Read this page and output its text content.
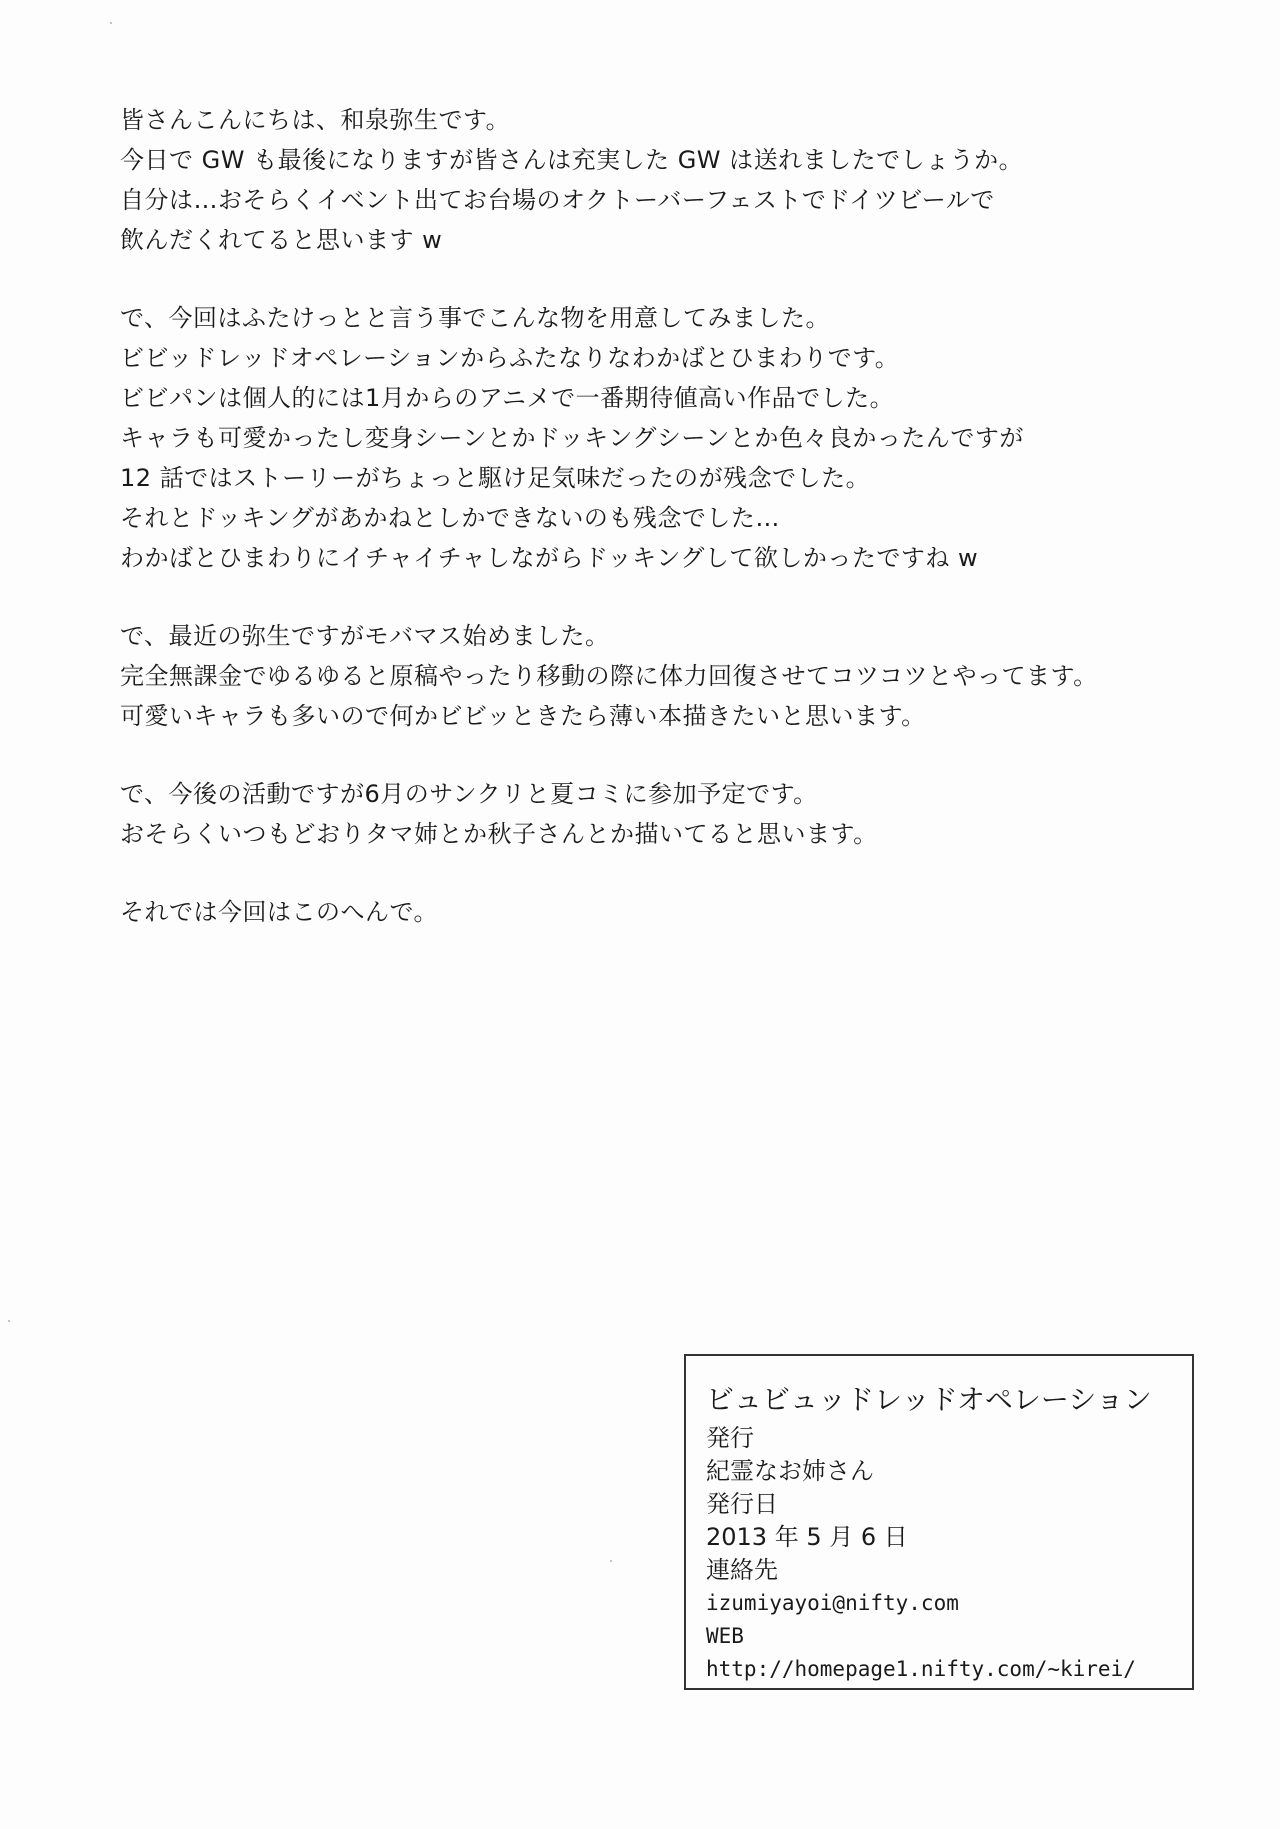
皆さんこんにちは、和泉弥生です。
今日で GW も最後になりますが皆さんは充実した GW は送れましたでしょうか。
自分は…おそらくイベント出てお台場のオクトーバーフェストでドイツビールで
飲んだくれてると思います w
で、今回はふたけっとと言う事でこんな物を用意してみました。
ビビッドレッドオペレーションからふたなりなわかばとひまわりです。
ビビパンは個人的には1月からのアニメで一番期待値高い作品でした。
キャラも可愛かったし変身シーンとかドッキングシーンとか色々良かったんですが
12 話ではストーリーがちょっと駆け足気味だったのが残念でした。
それとドッキングがあかねとしかできないのも残念でした…
わかばとひまわりにイチャイチャしながらドッキングして欲しかったですね w
で、最近の弥生ですがモバマス始めました。
完全無課金でゆるゆると原稿やったり移動の際に体力回復させてコツコツとやってます。
可愛いキャラも多いので何かビビッときたら薄い本描きたいと思います。
で、今後の活動ですが6月のサンクリと夏コミに参加予定です。
おそらくいつもどおりタマ姉とか秋子さんとか描いてると思います。
それでは今回はこのへんで。
ビュビュッドレッドオペレーション
発行
紀霊なお姉さん
発行日
2013 年 5 月 6 日
連絡先
izumiyayoi@nifty.com
WEB
http://homepage1.nifty.com/~kirei/
